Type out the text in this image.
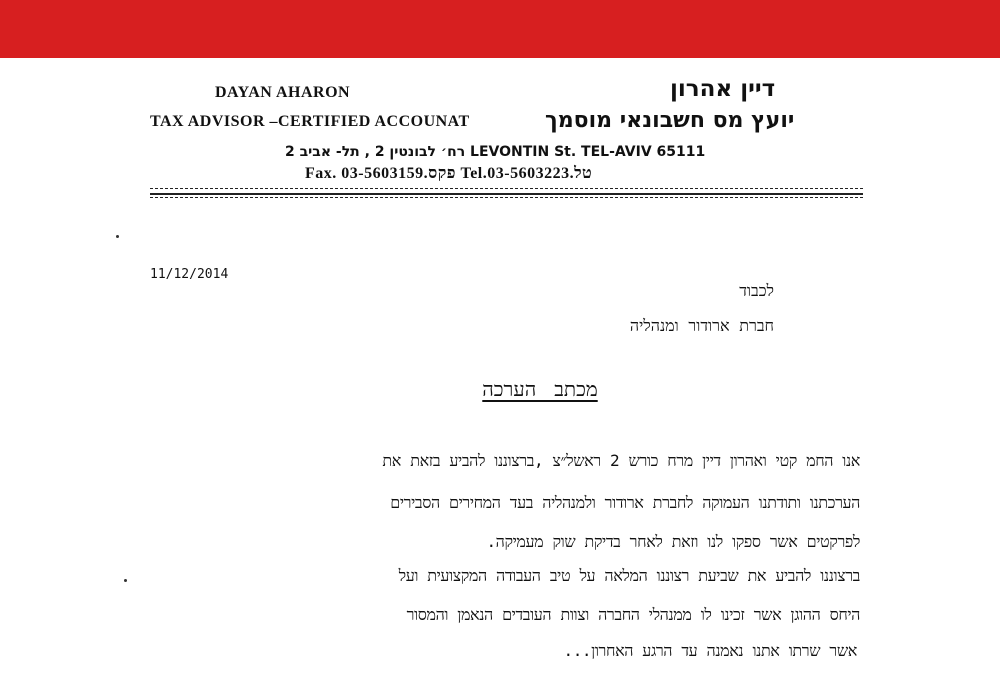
DAYAN AHARON	דיין אהרון
TAX ADVISOR –CERTIFIED ACCOUNAT	יועץ מס חשבונאי מוסמך
רח׳ לבונטין 2 , תל- אביב 2 LEVONTIN St. TEL-AVIV 65111
Fax. 03-5603159.פקס Tel.03-5603223.טל
11/12/2014
לכבוד
חברת ארודור ומנהליה
מכתב הערכה
אנו החמ קטי ואהרון דיין מרח כורש 2 ראשל״צ ,ברצוננו להביע בזאת את
הערכתנו ותודתנו העמוקה לחברת ארודור ולמנהליה בעד המחירים הסבירים
לפרקטים אשר ספקו לנו וזאת לאחר בדיקת שוק מעמיקה.
ברצוננו להביע את שביעת רצוננו המלאה על טיב העבודה המקצועית ועל
היחס ההוגן אשר זכינו לו ממנהלי החברה וצוות העובדים הנאמן והמסור
אשר שרתו אתנו נאמנה עד הרגע האחרון...
